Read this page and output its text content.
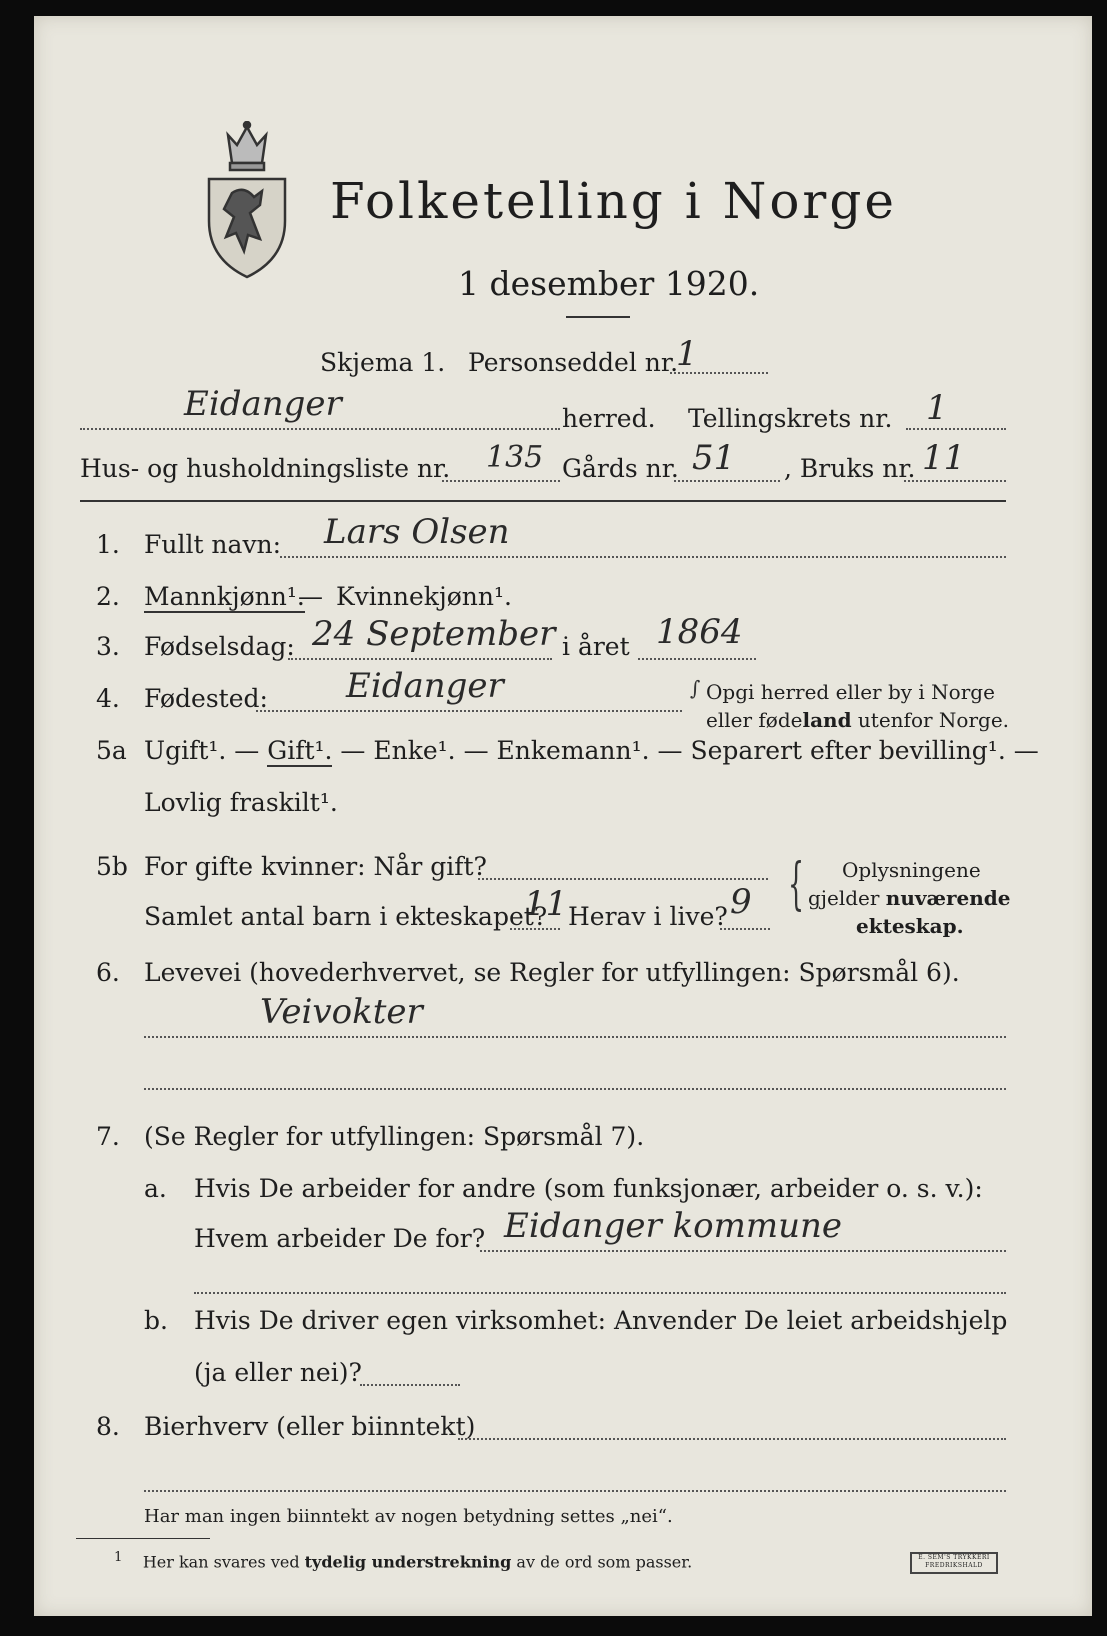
Folketelling i Norge
1 desember 1920.
Skjema 1. Personseddel nr.
1
Eidanger	herred. Tellingskrets nr. 1
Hus- og husholdningsliste nr. 135 Gårds nr. 51 , Bruks nr. 11
1. Fullt navn: Lars Olsen
2. Mannkjønn¹.
— Kvinnekjønn¹.
3. Fødselsdag: 24 September i året 1864
4. Fødested: Eidanger	∫ Opgi herred eller by i Norge
eller fødeland utenfor Norge.
5a Ugift¹. — Gift¹. — Enke¹. — Enkemann¹. — Separert efter bevilling¹. —
Lovlig fraskilt¹.
5b For gifte kvinner: Når gift?
Samlet antal barn i ekteskapet?
11 Herav i live? 9 { Oplysningene
gjelder nuværende
ekteskap.
6. Levevei (hovederhvervet, se Regler for utfyllingen: Spørsmål 6).
Veivokter
7. (Se Regler for utfyllingen: Spørsmål 7).
a. Hvis De arbeider for andre (som funksjonær, arbeider o. s. v.):
Hvem arbeider De for? Eidanger kommune
b. Hvis De driver egen virksomhet: Anvender De leiet arbeidshjelp
(ja eller nei)?
8. Bierhverv (eller biinntekt)
Har man ingen biinntekt av nogen betydning settes „nei“.
$^1$ Her kan svares ved tydelig understrekning av de ord som passer.	E. SEM'S TRYKKERI
FREDRIKSHALD
